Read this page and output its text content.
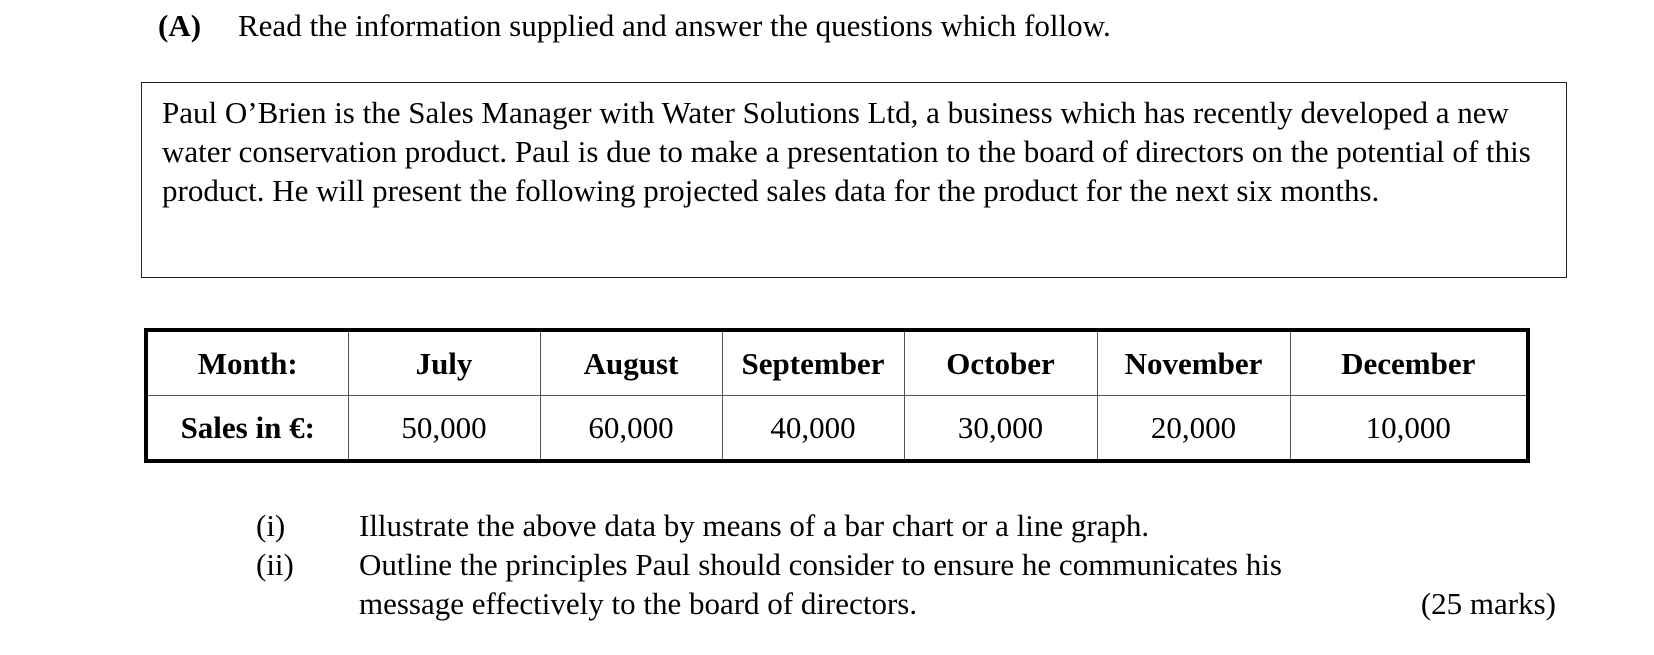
(A) Read the information supplied and answer the questions which follow.
Paul O’Brien is the Sales Manager with Water Solutions Ltd, a business which has recently developed a new water conservation product. Paul is due to make a presentation to the board of directors on the potential of this product. He will present the following projected sales data for the product for the next six months.
Month:	July	August	September	October	November	December
Sales in €:	50,000	60,000	40,000	30,000	20,000	10,000
(i) Illustrate the above data by means of a bar chart or a line graph.
(ii) Outline the principles Paul should consider to ensure he communicates his message effectively to the board of directors.	(25 marks)
